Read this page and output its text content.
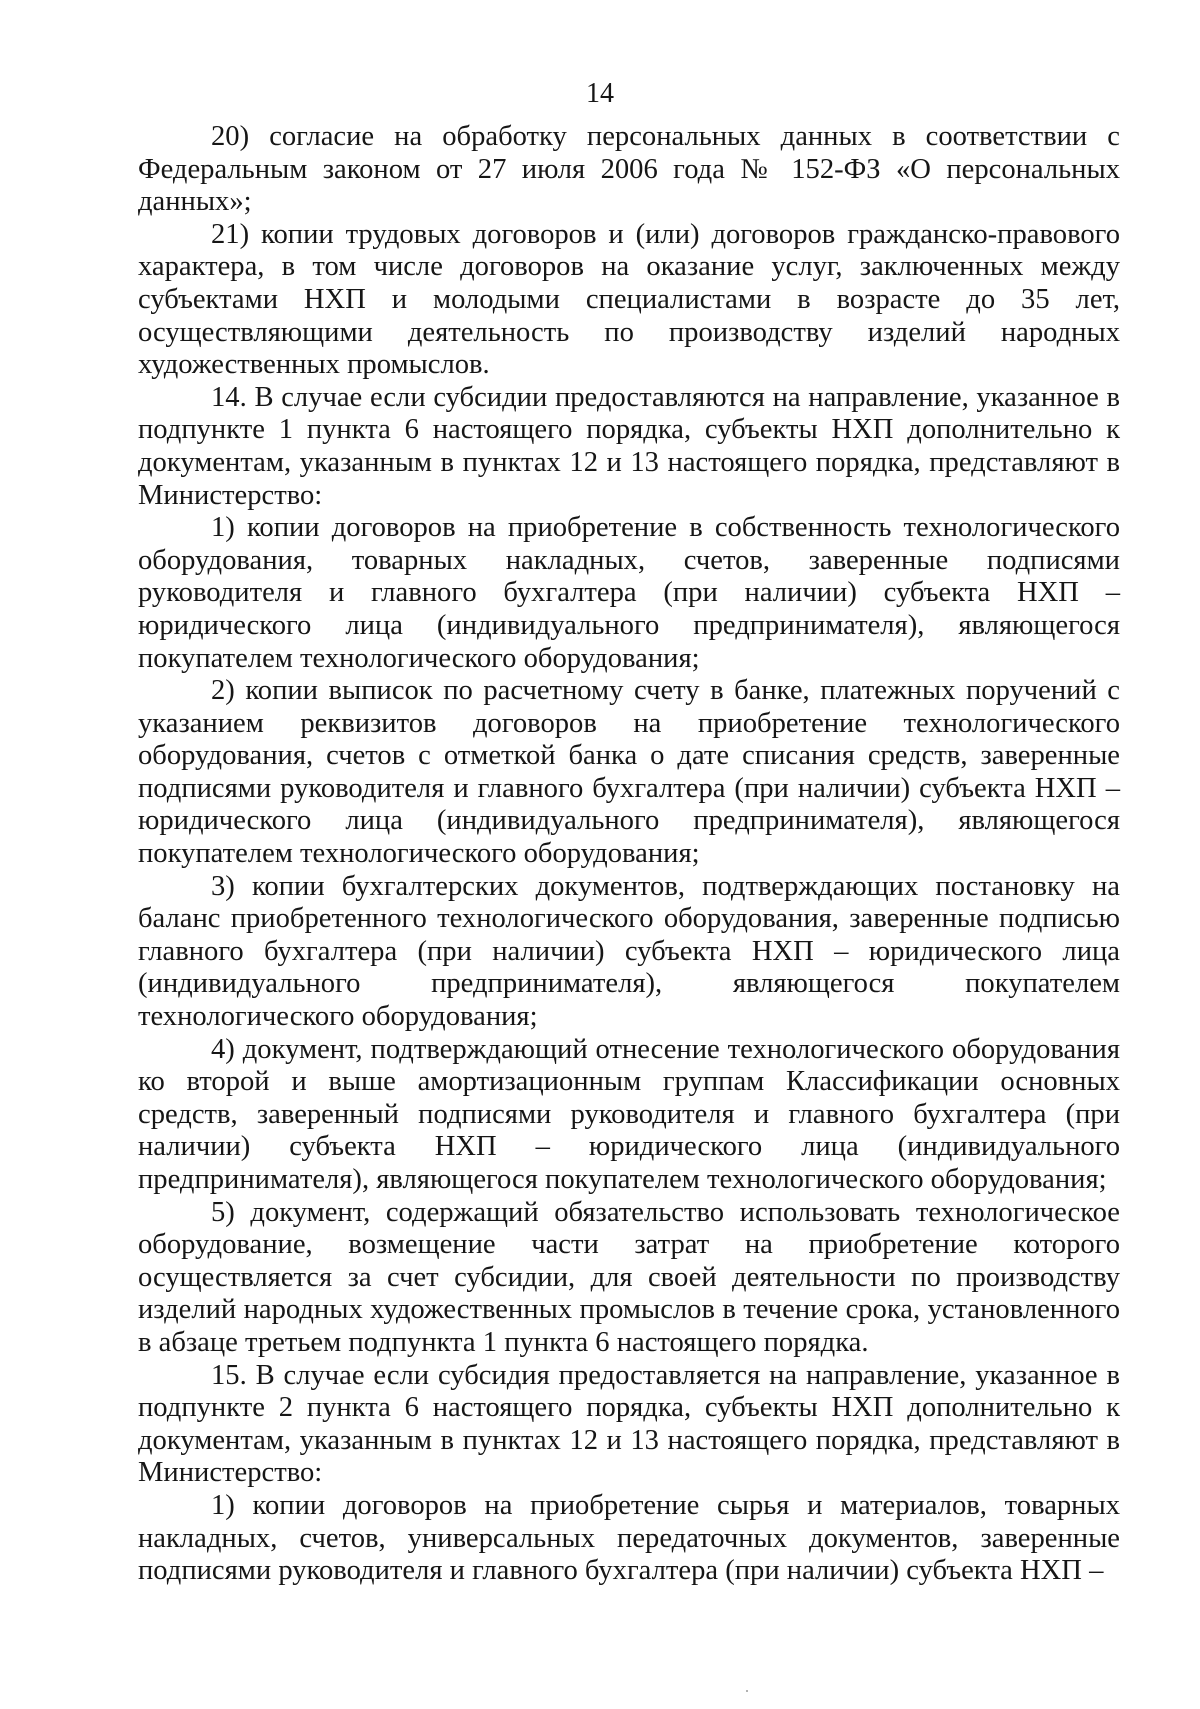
14

20) согласие на обработку персональных данных в соответствии с Федеральным законом от 27 июля 2006 года № 152-ФЗ «О персональных данных»;

21) копии трудовых договоров и (или) договоров гражданско-правового характера, в том числе договоров на оказание услуг, заключенных между субъектами НХП и молодыми специалистами в возрасте до 35 лет, осуществляющими деятельность по производству изделий народных художественных промыслов.

14. В случае если субсидии предоставляются на направление, указанное в подпункте 1 пункта 6 настоящего порядка, субъекты НХП дополнительно к документам, указанным в пунктах 12 и 13 настоящего порядка, представляют в Министерство:

1) копии договоров на приобретение в собственность технологического оборудования, товарных накладных, счетов, заверенные подписями руководителя и главного бухгалтера (при наличии) субъекта НХП – юридического лица (индивидуального предпринимателя), являющегося покупателем технологического оборудования;

2) копии выписок по расчетному счету в банке, платежных поручений с указанием реквизитов договоров на приобретение технологического оборудования, счетов с отметкой банка о дате списания средств, заверенные подписями руководителя и главного бухгалтера (при наличии) субъекта НХП – юридического лица (индивидуального предпринимателя), являющегося покупателем технологического оборудования;

3) копии бухгалтерских документов, подтверждающих постановку на баланс приобретенного технологического оборудования, заверенные подписью главного бухгалтера (при наличии) субъекта НХП – юридического лица (индивидуального предпринимателя), являющегося покупателем технологического оборудования;

4) документ, подтверждающий отнесение технологического оборудования ко второй и выше амортизационным группам Классификации основных средств, заверенный подписями руководителя и главного бухгалтера (при наличии) субъекта НХП – юридического лица (индивидуального предпринимателя), являющегося покупателем технологического оборудования;

5) документ, содержащий обязательство использовать технологическое оборудование, возмещение части затрат на приобретение которого осуществляется за счет субсидии, для своей деятельности по производству изделий народных художественных промыслов в течение срока, установленного в абзаце третьем подпункта 1 пункта 6 настоящего порядка.

15. В случае если субсидия предоставляется на направление, указанное в подпункте 2 пункта 6 настоящего порядка, субъекты НХП дополнительно к документам, указанным в пунктах 12 и 13 настоящего порядка, представляют в Министерство:

1) копии договоров на приобретение сырья и материалов, товарных накладных, счетов, универсальных передаточных документов, заверенные подписями руководителя и главного бухгалтера (при наличии) субъекта НХП –
